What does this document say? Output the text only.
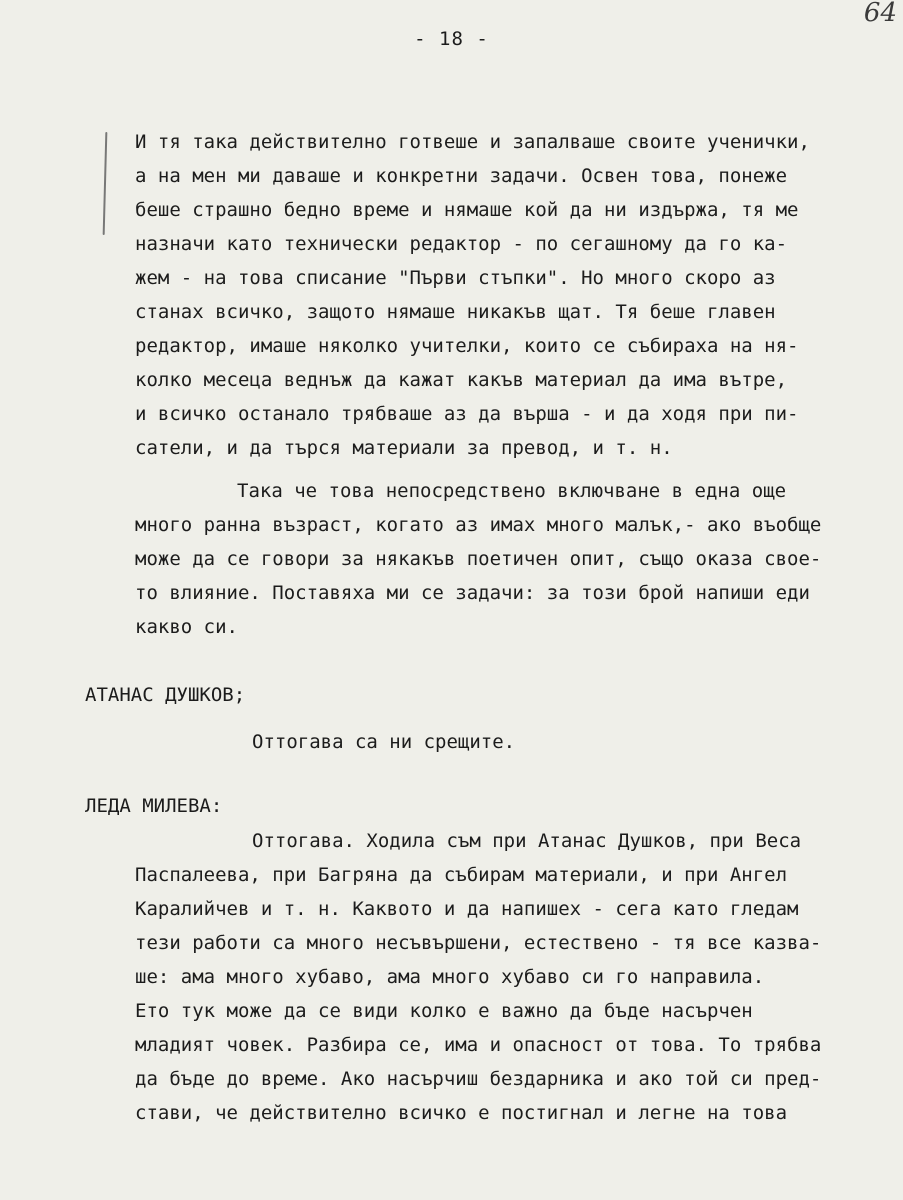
- 18 -
64
И тя така действително готвеше и запалваше своите ученички,
а на мен ми даваше и конкретни задачи. Освен това, понеже
беше страшно бедно време и нямаше кой да ни издържа, тя ме
назначи като технически редактор - по сегашному да го ка-
жем - на това списание "Първи стъпки". Но много скоро аз
станах всичко, защото нямаше никакъв щат. Тя беше главен
редактор, имаше няколко учителки, които се събираха на ня-
колко месеца веднъж да кажат какъв материал да има вътре,
и всичко останало трябваше аз да върша - и да ходя при пи-
сатели, и да търся материали за превод, и т. н.
Така че това непосредствено включване в една още
много ранна възраст, когато аз имах много малък,- ако въобще
може да се говори за някакъв поетичен опит, също оказа свое-
то влияние. Поставяха ми се задачи: за този брой напиши еди
какво си.
АТАНАС ДУШКОВ;
Оттогава са ни срещите.
ЛЕДА МИЛЕВА:
Оттогава. Ходила съм при Атанас Душков, при Веса
Паспалеева, при Багряна да събирам материали, и при Ангел
Каралийчев и т. н. Каквото и да напишех - сега като гледам
тези работи са много несъвършени, естествено - тя все казва-
ше: ама много хубаво, ама много хубаво си го направила.
Ето тук може да се види колко е важно да бъде насърчен
младият човек. Разбира се, има и опасност от това. То трябва
да бъде до време. Ако насърчиш бездарника и ако той си пред-
стави, че действително всичко е постигнал и легне на това
